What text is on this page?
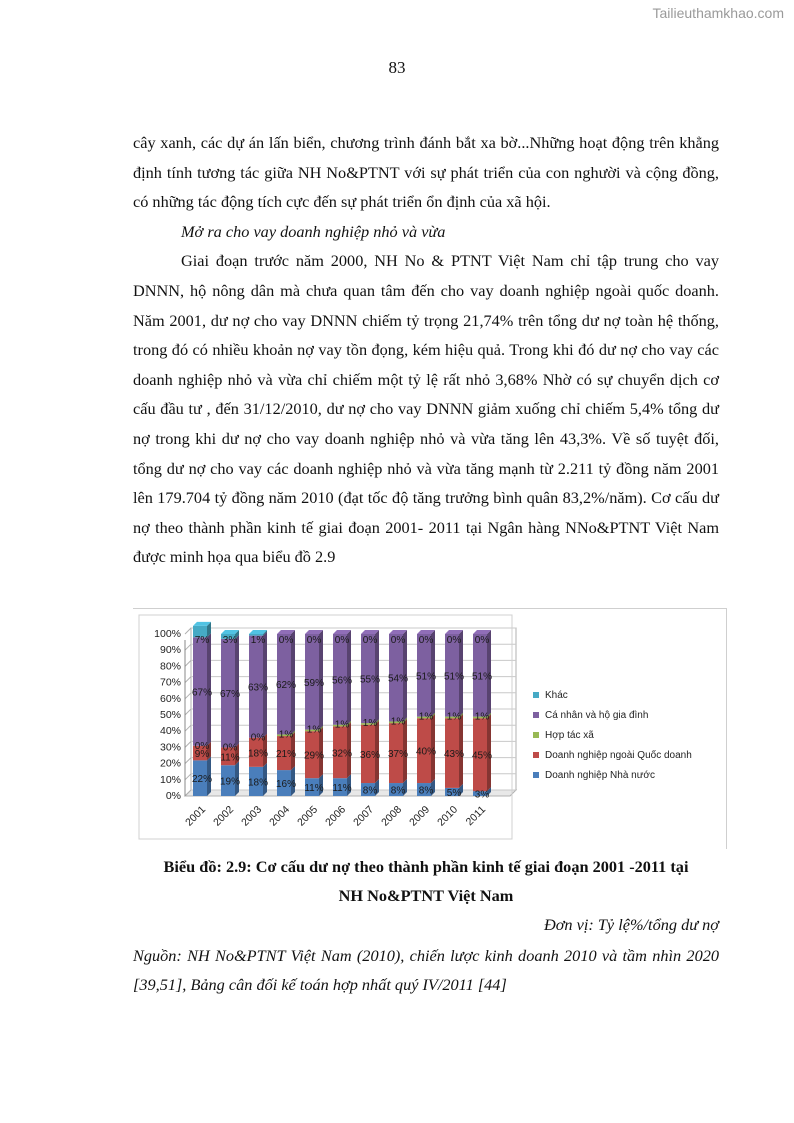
Tailieuthamkhao.com
83

cây xanh, các dự án lấn biển, chương trình đánh bắt xa bờ...Những hoạt động trên khẳng định tính tương tác giữa NH No&PTNT với sự phát triển của con nghười và cộng đồng, có những tác động tích cực đến sự phát triển ổn định của xã hội.

Mở ra cho vay doanh nghiệp nhỏ và vừa

Giai đoạn trước năm 2000, NH No & PTNT Việt Nam chỉ tập trung cho vay DNNN, hộ nông dân mà chưa quan tâm đến cho vay doanh nghiệp ngoài quốc doanh. Năm 2001, dư nợ cho vay DNNN chiếm tỷ trọng 21,74% trên tổng dư nợ toàn hệ thống, trong đó có nhiều khoản nợ vay tồn đọng, kém hiệu quả. Trong khi đó dư nợ cho vay các doanh nghiệp nhỏ và vừa chỉ chiếm một tỷ lệ rất nhỏ 3,68% Nhờ có sự chuyển dịch cơ cấu đầu tư , đến 31/12/2010, dư nợ cho vay DNNN giảm xuống chỉ chiếm 5,4% tổng dư nợ trong khi dư nợ cho vay doanh nghiệp nhỏ và vừa tăng lên 43,3%. Về số tuyệt đối, tổng dư nợ cho vay các doanh nghiệp nhỏ và vừa tăng mạnh từ 2.211 tỷ đồng năm 2001 lên 179.704 tỷ đồng năm 2010 (đạt tốc độ tăng trưởng bình quân 83,2%/năm). Cơ cấu dư nợ theo thành phần kinh tế giai đoạn 2001- 2011 tại Ngân hàng NNo&PTNT Việt Nam được minh họa qua biểu đồ 2.9

0%
10%
20%
30%
40%
50%
60%
70%
80%
90%
100%
22%
9%
0%
67%
7%
2001
19%
11%
0%
67%
3%
2002
18%
18%
0%
63%
1%
2003
16%
21%
1%
62%
0%
2004
11%
29%
1%
59%
0%
2005
11%
32%
1%
56%
0%
2006
8%
36%
1%
55%
0%
2007
8%
37%
1%
54%
0%
2008
8%
40%
1%
51%
0%
2009
5%
43%
1%
51%
0%
2010
3%
45%
1%
51%
0%
2011
Khác
Cá nhân và hộ gia đình
Hợp tác xã
Doanh nghiệp ngoài Quốc doanh
Doanh nghiệp Nhà nước
Biểu đồ: 2.9: Cơ cấu dư nợ theo thành phần kinh tế giai đoạn 2001 -2011 tại
NH No&PTNT Việt Nam
Đơn vị: Tỷ lệ%/tổng dư nợ
Nguồn: NH No&PTNT Việt Nam (2010), chiến lược kinh doanh 2010 và tầm nhìn 2020 [39,51], Bảng cân đối kế toán hợp nhất quý IV/2011 [44]
